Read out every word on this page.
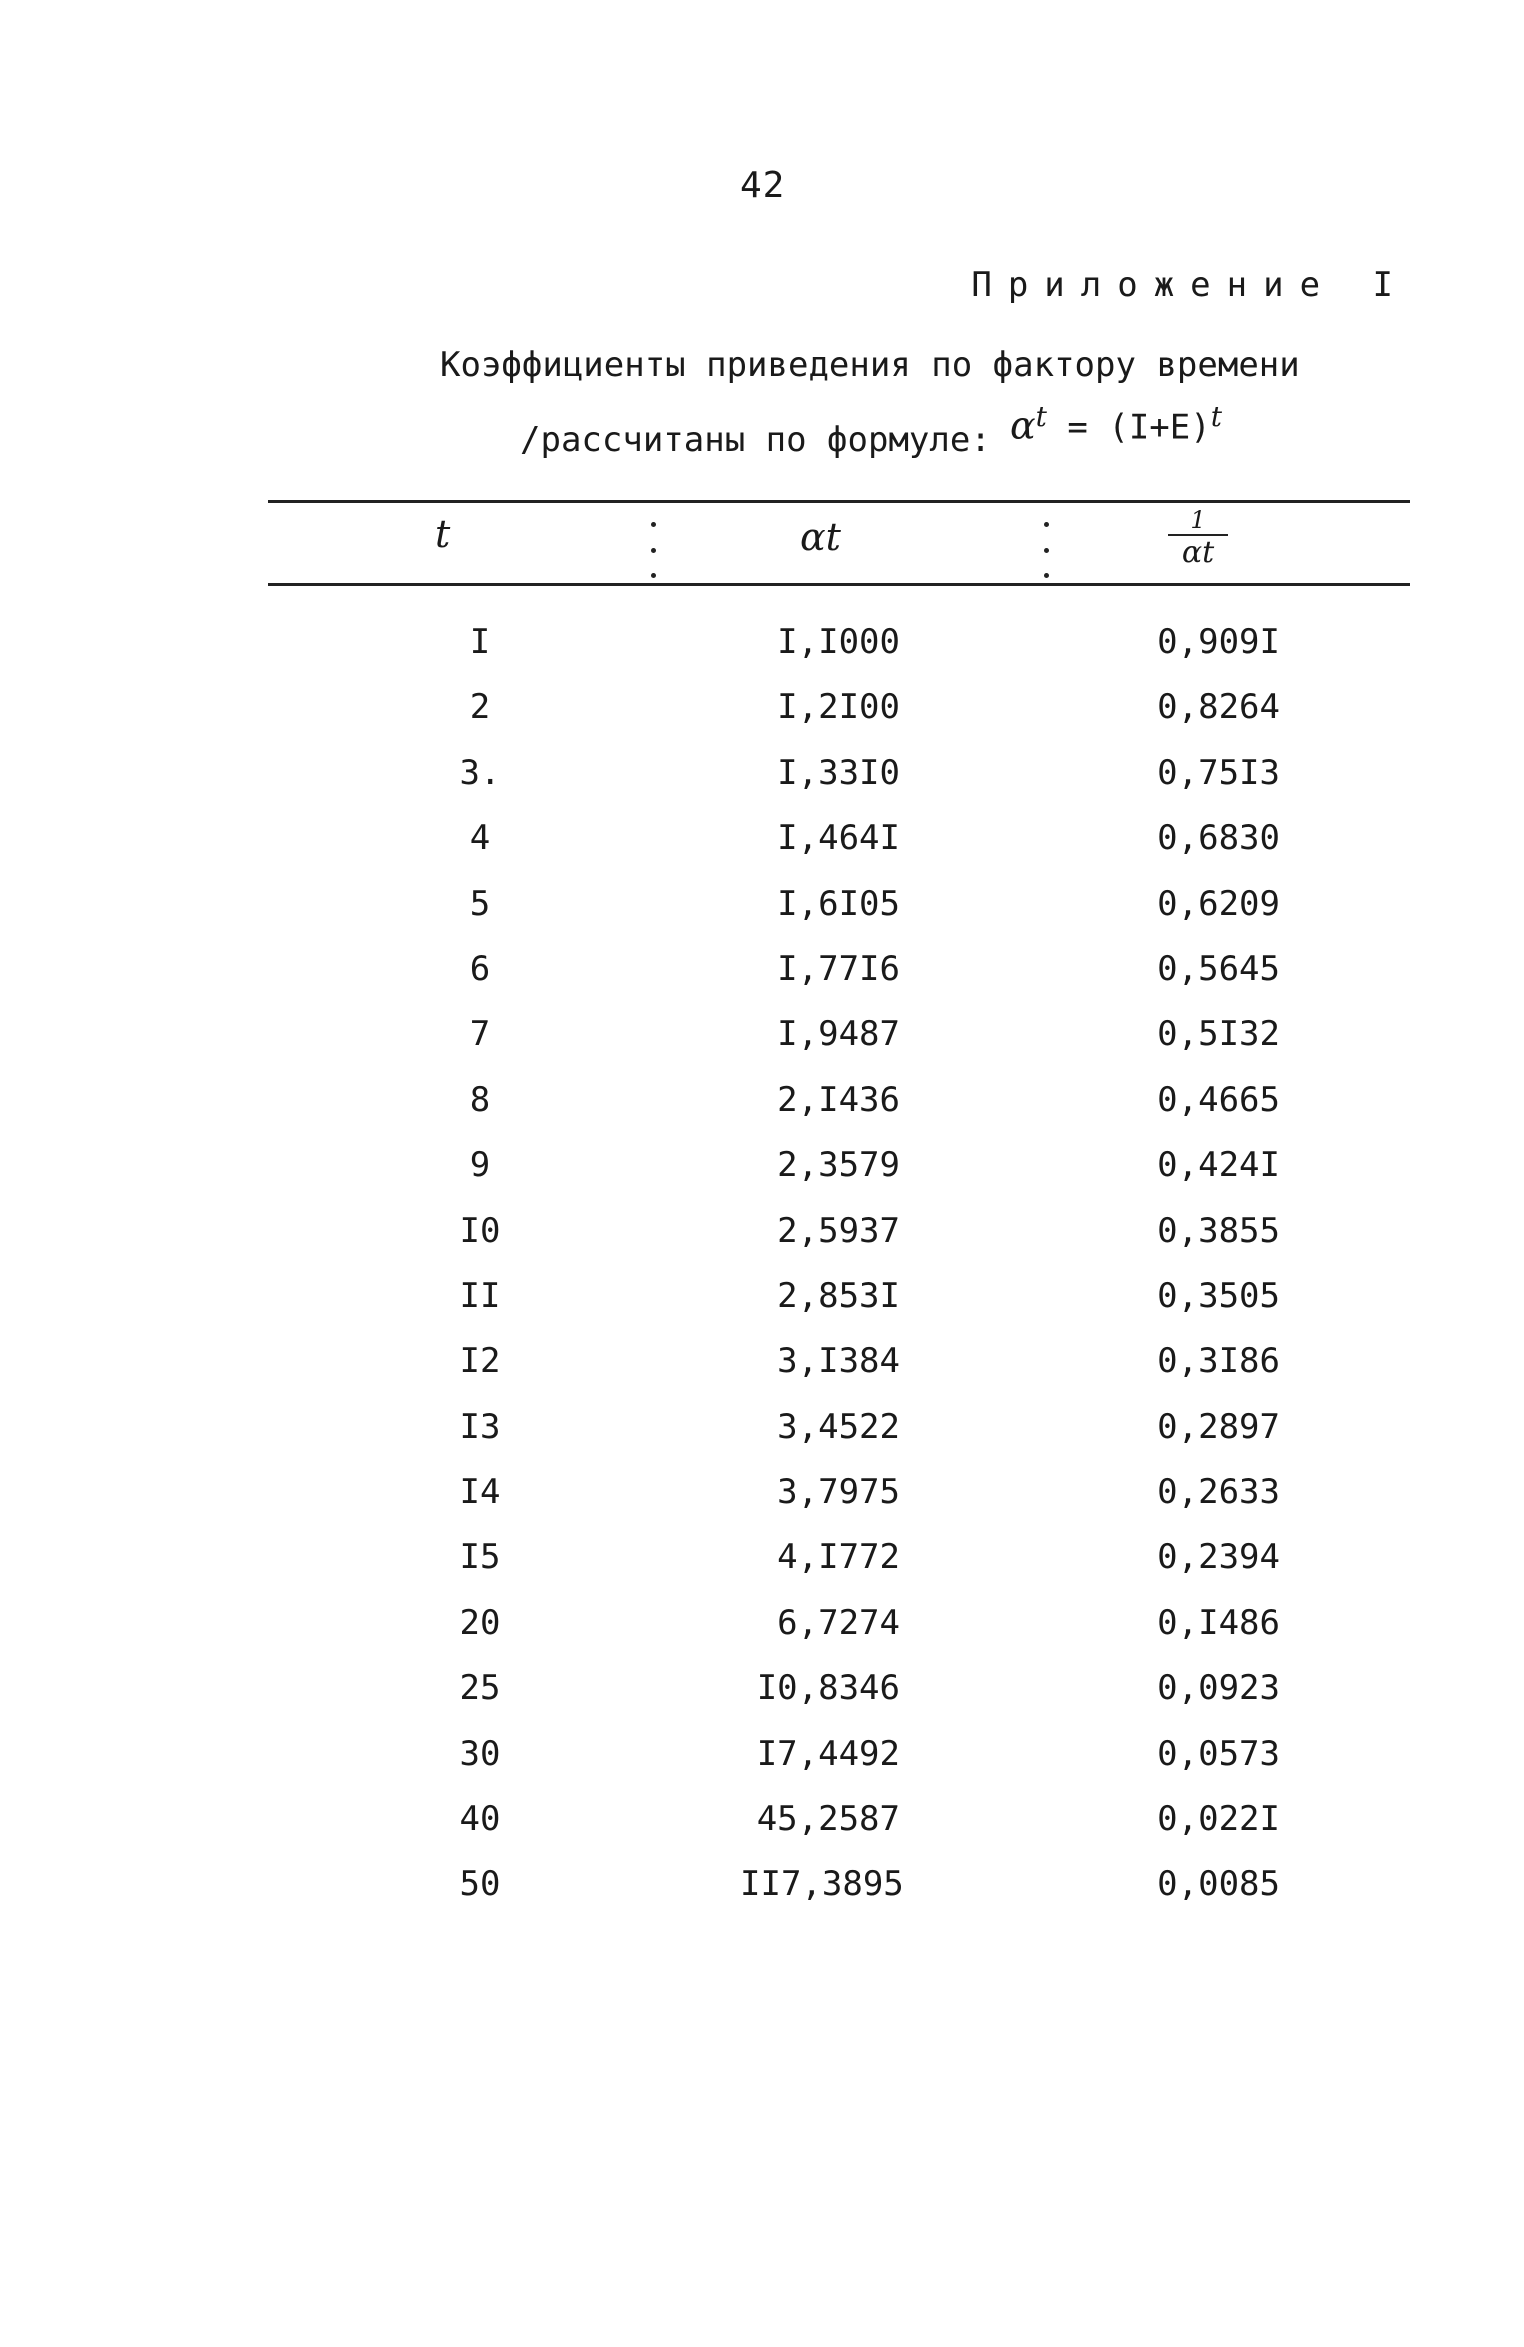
42
Приложение I
Коэффициенты приведения по фактору времени
/рассчитаны по формуле: $\alpha^t = (I+E)^t$
t	αt	1
αt
I	I,I000	0,909I
2	I,2I00	0,8264
3.	I,33I0	0,75I3
4	I,464I	0,6830
5	I,6I05	0,6209
6	I,77I6	0,5645
7	I,9487	0,5I32
8	2,I436	0,4665
9	2,3579	0,424I
I0	2,5937	0,3855
II	2,853I	0,3505
I2	3,I384	0,3I86
I3	3,4522	0,2897
I4	3,7975	0,2633
I5	4,I772	0,2394
20	6,7274	0,I486
25	I0,8346	0,0923
30	I7,4492	0,0573
40	45,2587	0,022I
50	II7,3895	0,0085
